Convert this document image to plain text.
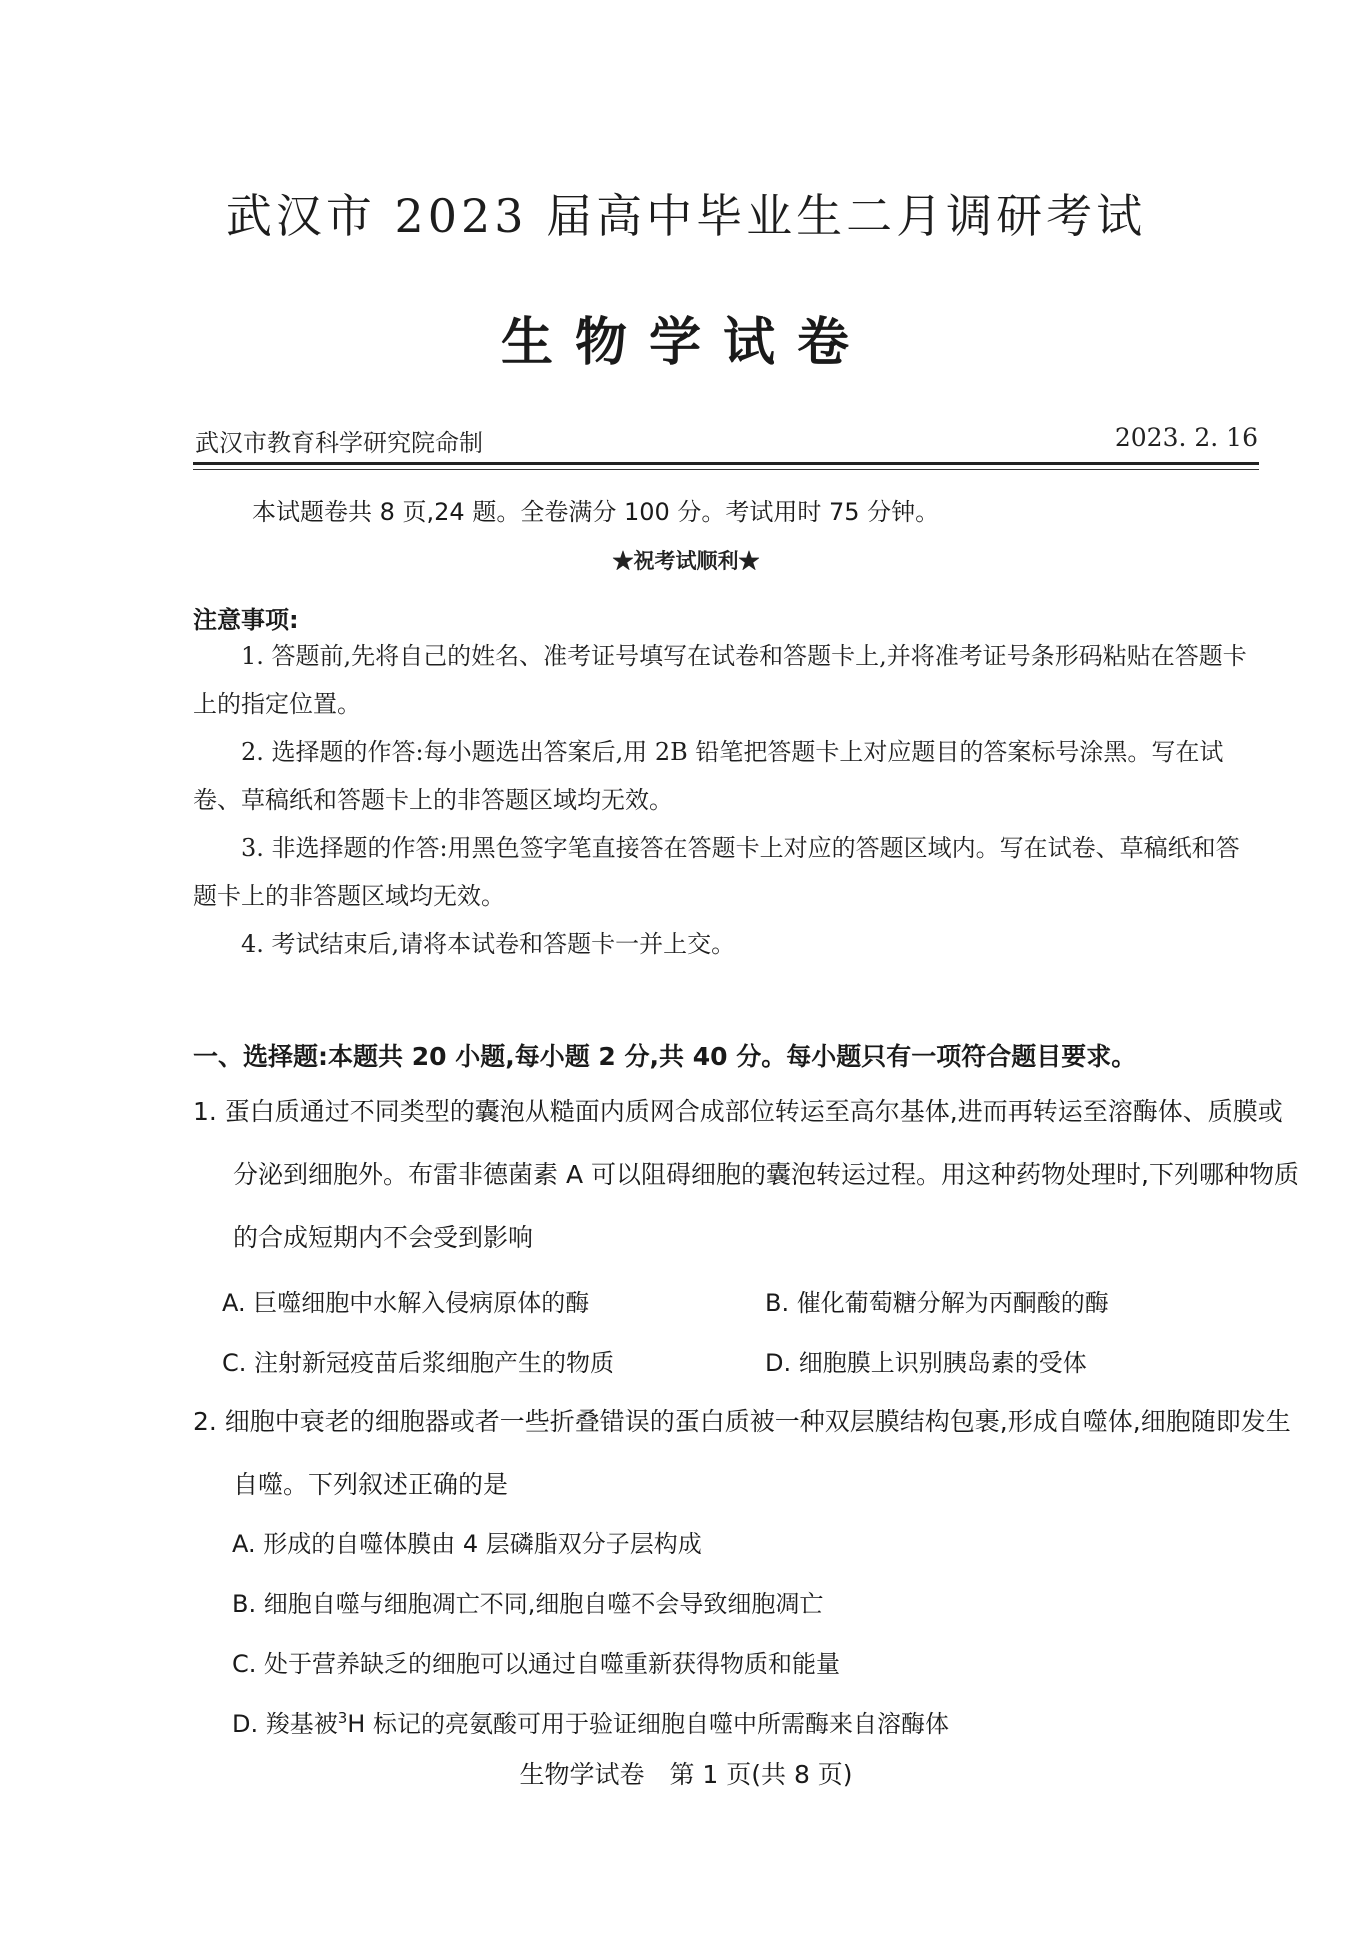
武汉市 2023 届高中毕业生二月调研考试
生物学试卷
武汉市教育科学研究院命制	2023. 2. 16
本试题卷共 8 页,24 题。全卷满分 100 分。考试用时 75 分钟。
★祝考试顺利★
注意事项:
1. 答题前,先将自己的姓名、准考证号填写在试卷和答题卡上,并将准考证号条形码粘贴在答题卡上的指定位置。
2. 选择题的作答:每小题选出答案后,用 2B 铅笔把答题卡上对应题目的答案标号涂黑。写在试卷、草稿纸和答题卡上的非答题区域均无效。
3. 非选择题的作答:用黑色签字笔直接答在答题卡上对应的答题区域内。写在试卷、草稿纸和答题卡上的非答题区域均无效。
4. 考试结束后,请将本试卷和答题卡一并上交。
一、选择题:本题共 20 小题,每小题 2 分,共 40 分。每小题只有一项符合题目要求。
1. 蛋白质通过不同类型的囊泡从糙面内质网合成部位转运至高尔基体,进而再转运至溶酶体、质膜或分泌到细胞外。布雷非德菌素 A 可以阻碍细胞的囊泡转运过程。用这种药物处理时,下列哪种物质的合成短期内不会受到影响
A. 巨噬细胞中水解入侵病原体的酶	B. 催化葡萄糖分解为丙酮酸的酶
C. 注射新冠疫苗后浆细胞产生的物质	D. 细胞膜上识别胰岛素的受体
2. 细胞中衰老的细胞器或者一些折叠错误的蛋白质被一种双层膜结构包裹,形成自噬体,细胞随即发生自噬。下列叙述正确的是
A. 形成的自噬体膜由 4 层磷脂双分子层构成
B. 细胞自噬与细胞凋亡不同,细胞自噬不会导致细胞凋亡
C. 处于营养缺乏的细胞可以通过自噬重新获得物质和能量
D. 羧基被$^3$H 标记的亮氨酸可用于验证细胞自噬中所需酶来自溶酶体
生物学试卷　第 1 页(共 8 页)
